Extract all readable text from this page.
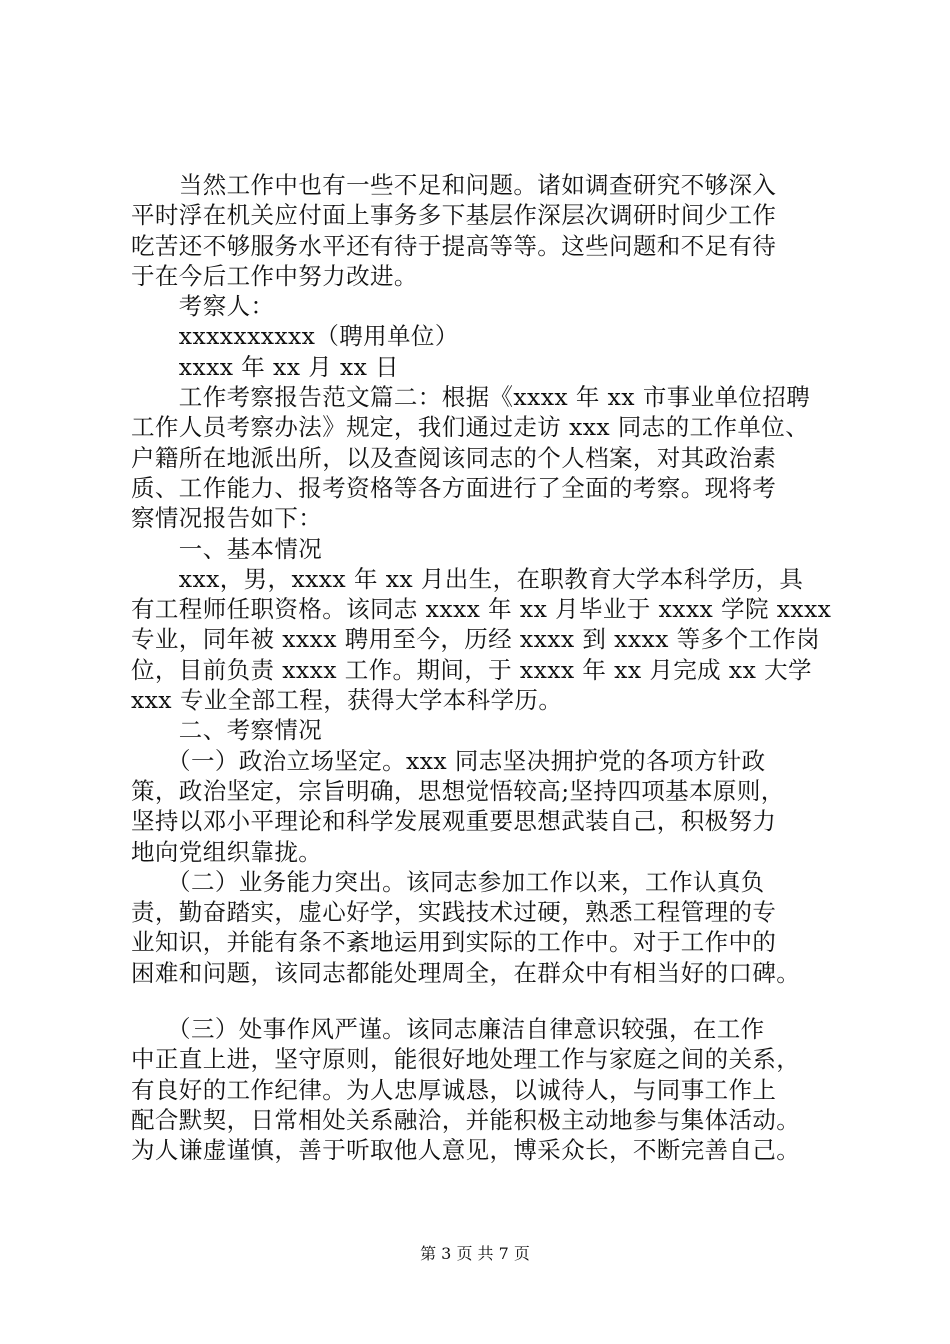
　　当然工作中也有一些不足和问题。诸如调查研究不够深入
平时浮在机关应付面上事务多下基层作深层次调研时间少工作
吃苦还不够服务水平还有待于提高等等。这些问题和不足有待
于在今后工作中努力改进。
　　考察人：
　　xxxxxxxxxx（聘用单位）
　　xxxx 年 xx 月 xx 日
　　工作考察报告范文篇二：根据《xxxx 年 xx 市事业单位招聘
工作人员考察办法》规定，我们通过走访 xxx 同志的工作单位、
户籍所在地派出所，以及查阅该同志的个人档案，对其政治素
质、工作能力、报考资格等各方面进行了全面的考察。现将考
察情况报告如下：
　　一、基本情况
　　xxx，男，xxxx 年 xx 月出生，在职教育大学本科学历，具
有工程师任职资格。该同志 xxxx 年 xx 月毕业于 xxxx 学院 xxxx
专业，同年被 xxxx 聘用至今，历经 xxxx 到 xxxx 等多个工作岗
位，目前负责 xxxx 工作。期间，于 xxxx 年 xx 月完成 xx 大学
xxx 专业全部工程，获得大学本科学历。
　　二、考察情况
　　（一）政治立场坚定。xxx 同志坚决拥护党的各项方针政
策，政治坚定，宗旨明确，思想觉悟较高;坚持四项基本原则，
坚持以邓小平理论和科学发展观重要思想武装自己，积极努力
地向党组织靠拢。
　　（二）业务能力突出。该同志参加工作以来，工作认真负
责，勤奋踏实，虚心好学，实践技术过硬，熟悉工程管理的专
业知识，并能有条不紊地运用到实际的工作中。对于工作中的
困难和问题，该同志都能处理周全，在群众中有相当好的口碑。
　　（三）处事作风严谨。该同志廉洁自律意识较强，在工作
中正直上进，坚守原则，能很好地处理工作与家庭之间的关系，
有良好的工作纪律。为人忠厚诚恳，以诚待人，与同事工作上
配合默契，日常相处关系融洽，并能积极主动地参与集体活动。
为人谦虚谨慎，善于听取他人意见，博采众长，不断完善自己。
第 3 页 共 7 页
